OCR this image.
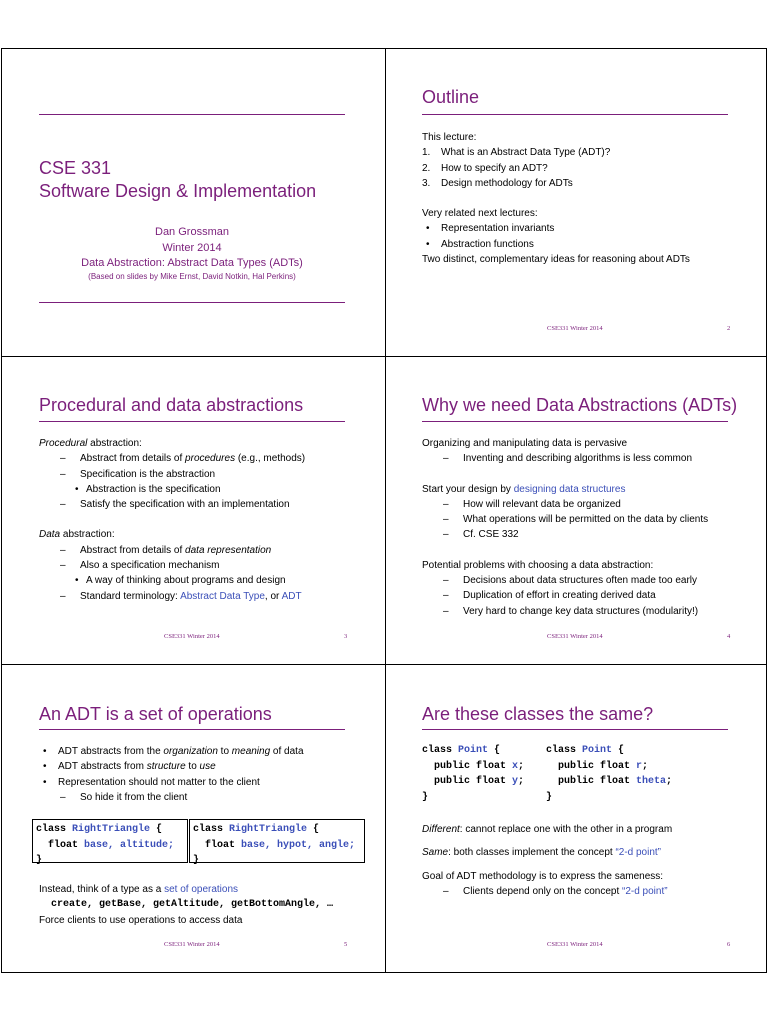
CSE 331
Software Design & Implementation
Dan Grossman
Winter 2014
Data Abstraction: Abstract Data Types (ADTs)
(Based on slides by Mike Ernst, David Notkin, Hal Perkins)
Outline
This lecture:
1. What is an Abstract Data Type (ADT)?
2. How to specify an ADT?
3. Design methodology for ADTs
Very related next lectures:
• Representation invariants
• Abstraction functions
Two distinct, complementary ideas for reasoning about ADTs
CSE331 Winter 2014	2
Procedural and data abstractions
Procedural abstraction:
– Abstract from details of procedures (e.g., methods)
– Specification is the abstraction
• Abstraction is the specification
– Satisfy the specification with an implementation
Data abstraction:
– Abstract from details of data representation
– Also a specification mechanism
• A way of thinking about programs and design
– Standard terminology: Abstract Data Type, or ADT
CSE331 Winter 2014	3
Why we need Data Abstractions (ADTs)
Organizing and manipulating data is pervasive
– Inventing and describing algorithms is less common
Start your design by designing data structures
– How will relevant data be organized
– What operations will be permitted on the data by clients
– Cf. CSE 332
Potential problems with choosing a data abstraction:
– Decisions about data structures often made too early
– Duplication of effort in creating derived data
– Very hard to change key data structures (modularity!)
CSE331 Winter 2014	4
An ADT is a set of operations
• ADT abstracts from the organization to meaning of data
• ADT abstracts from structure to use
• Representation should not matter to the client
– So hide it from the client
class RightTriangle {
float base, altitude;
}
class RightTriangle {
float base, hypot, angle;
}
Instead, think of a type as a set of operations
create, getBase, getAltitude, getBottomAngle, …
Force clients to use operations to access data
CSE331 Winter 2014	5
Are these classes the same?
class Point {
public float x;
public float y;
}
class Point {
public float r;
public float theta;
}
Different: cannot replace one with the other in a program
Same: both classes implement the concept “2-d point”
Goal of ADT methodology is to express the sameness:
– Clients depend only on the concept “2-d point”
CSE331 Winter 2014	6
